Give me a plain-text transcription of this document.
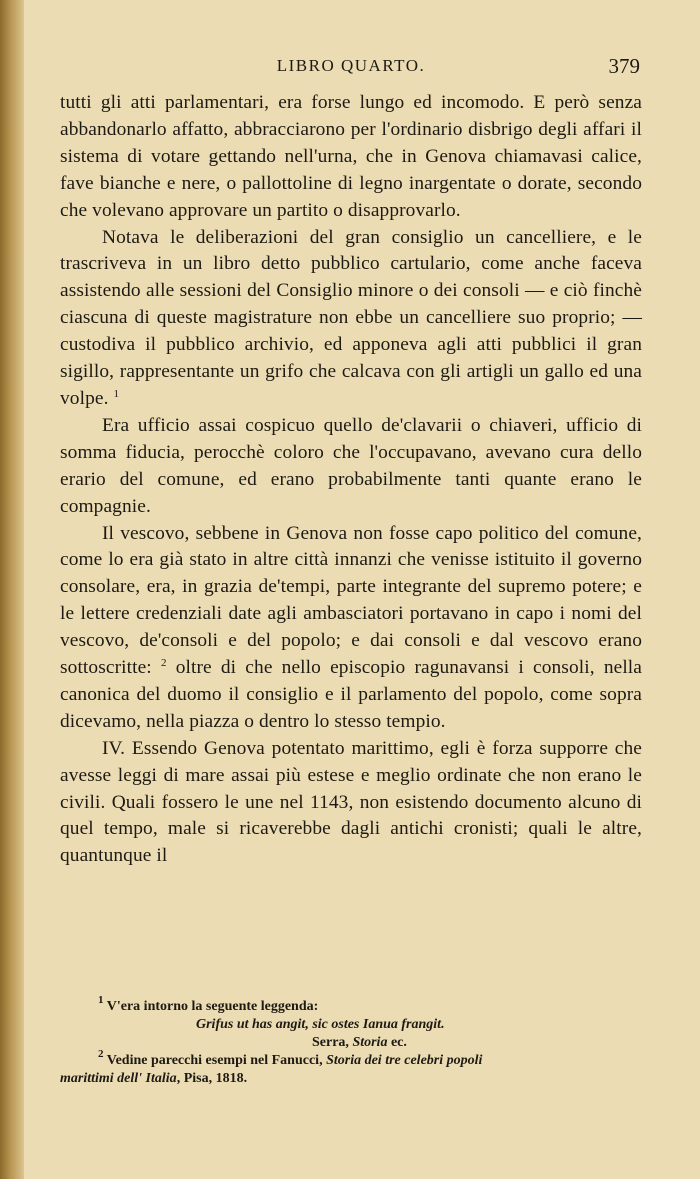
LIBRO QUARTO.	379

tutti gli atti parlamentari, era forse lungo ed incomodo. E però senza abbandonarlo affatto, abbracciarono per l'ordinario disbrigo degli affari il sistema di votare gettando nell'urna, che in Genova chiamavasi calice, fave bianche e nere, o pallottoline di legno inargentate o dorate, secondo che volevano approvare un partito o disapprovarlo.

Notava le deliberazioni del gran consiglio un cancelliere, e le trascriveva in un libro detto pubblico cartulario, come anche faceva assistendo alle sessioni del Consiglio minore o dei consoli — e ciò finchè ciascuna di queste magistrature non ebbe un cancelliere suo proprio; — custodiva il pubblico archivio, ed apponeva agli atti pubblici il gran sigillo, rappresentante un grifo che calcava con gli artigli un gallo ed una volpe. $^1$

Era ufficio assai cospicuo quello de'clavarii o chiaveri, ufficio di somma fiducia, perocchè coloro che l'occupavano, avevano cura dello erario del comune, ed erano probabilmente tanti quante erano le compagnie.

Il vescovo, sebbene in Genova non fosse capo politico del comune, come lo era già stato in altre città innanzi che venisse istituito il governo consolare, era, in grazia de'tempi, parte integrante del supremo potere; e le lettere credenziali date agli ambasciatori portavano in capo i nomi del vescovo, de'consoli e del popolo; e dai consoli e dal vescovo erano sottoscritte: $^2$ oltre di che nello episcopio ragunavansi i consoli, nella canonica del duomo il consiglio e il parlamento del popolo, come sopra dicevamo, nella piazza o dentro lo stesso tempio.

IV. Essendo Genova potentato marittimo, egli è forza supporre che avesse leggi di mare assai più estese e meglio ordinate che non erano le civili. Quali fossero le une nel 1143, non esistendo documento alcuno di quel tempo, male si ricaverebbe dagli antichi cronisti; quali le altre, quantunque il

$^1$ V'era intorno la seguente leggenda:

Grifus ut has angit, sic ostes Ianua frangit.

Serra, Storia ec.

$^2$ Vedine parecchi esempi nel Fanucci, Storia dei tre celebri popoli

marittimi dell' Italia, Pisa, 1818.
